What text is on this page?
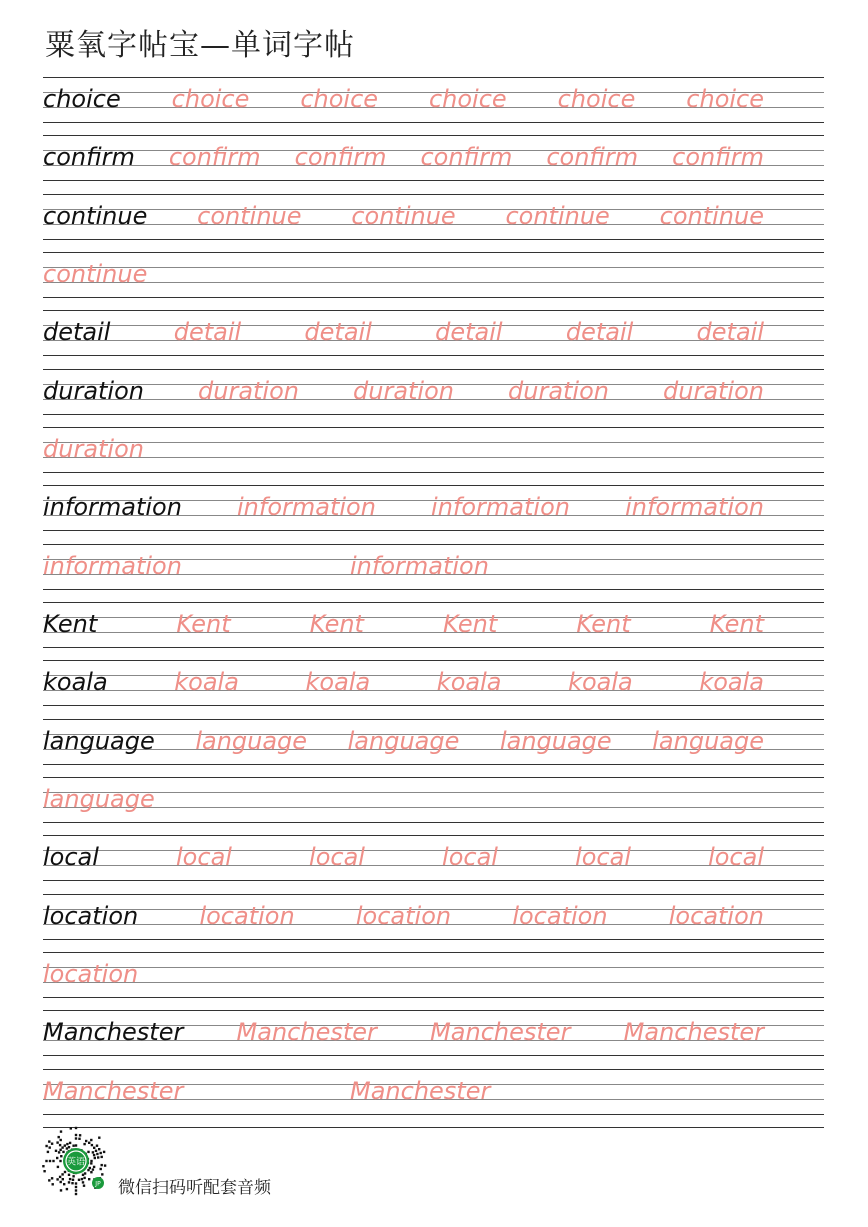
粟氧字帖宝—单词字帖
choice choice choice choice choice choice
confirm confirm confirm confirm confirm confirm
continue continue continue continue continue
continue
detail	detail	detail	detail	detail	detail
duration duration duration duration duration
duration
information information information information
information	information
Kent	Kent	Kent	Kent	Kent	Kent
koala	koala	koala	koala	koala	koala
language language language language language
language
local	local	local	local	local	local
location	location	location	location	location
location
Manchester Manchester Manchester Manchester
Manchester	Manchester
英语
JP 微信扫码听配套音频
